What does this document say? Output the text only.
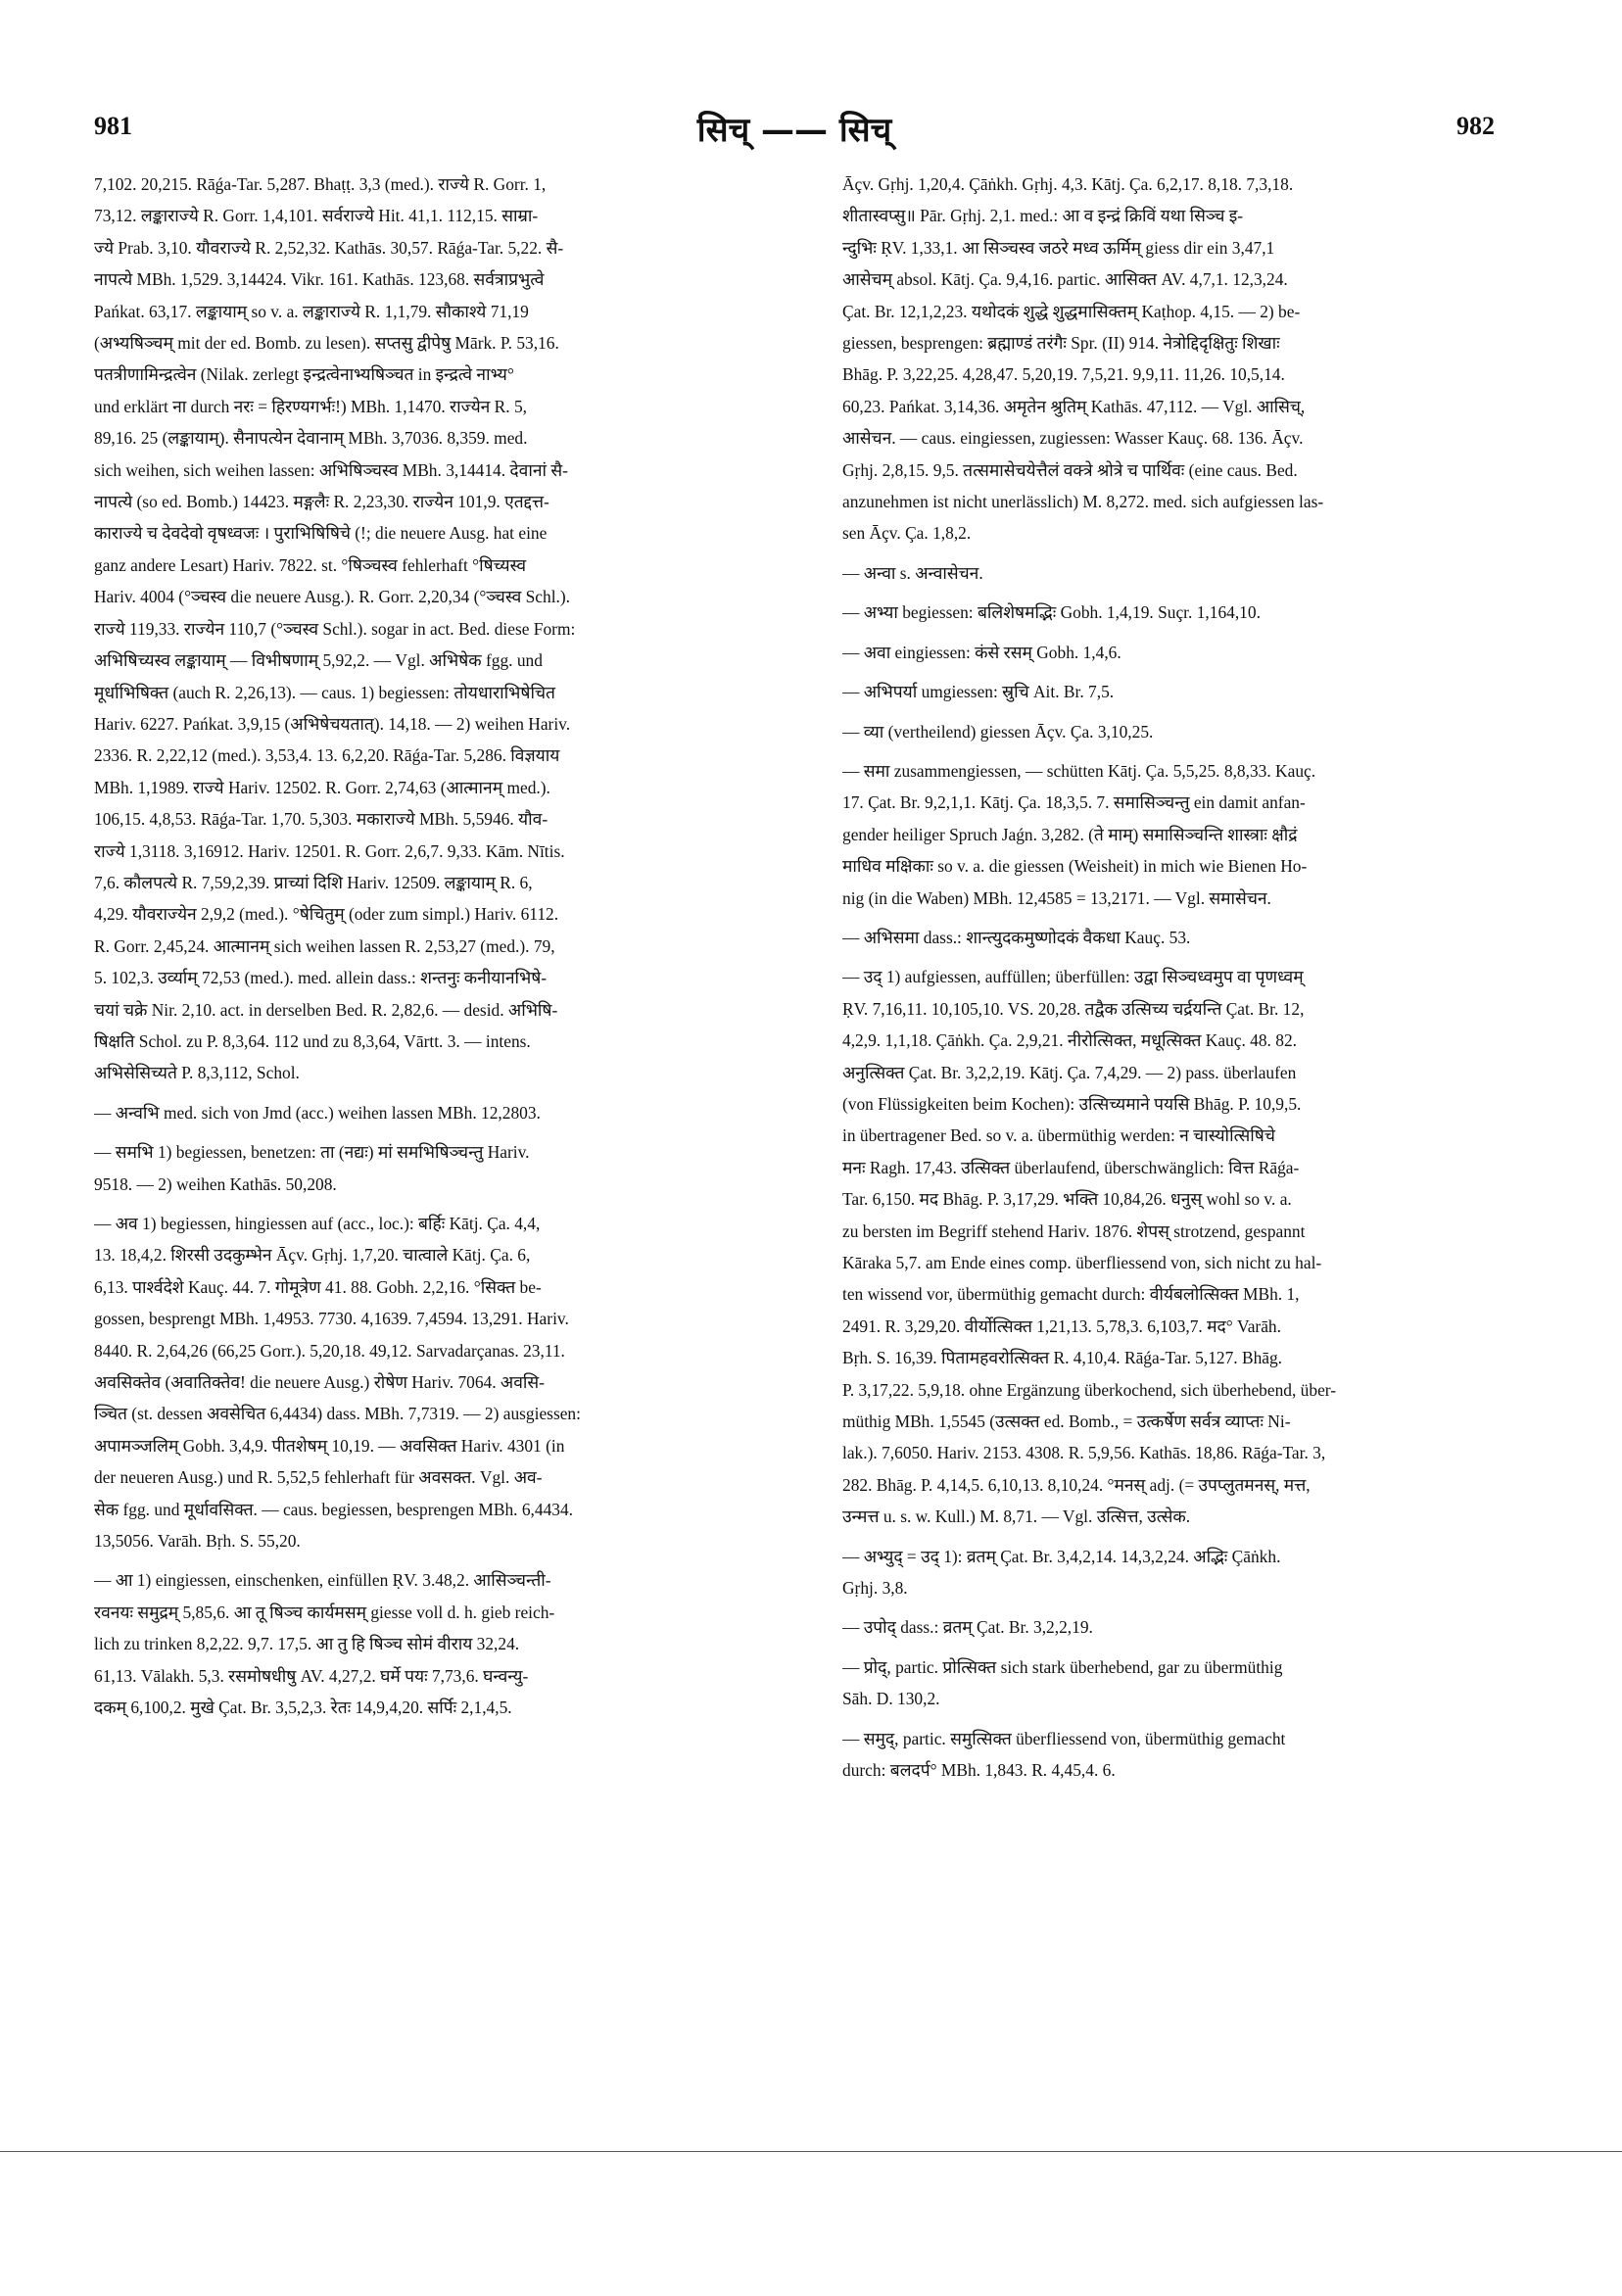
981	सिच् —— सिच्	982

7,102. 20,215. Rāǵa-Tar. 5,287. Bhaṭṭ. 3,3 (med.). राज्ये R. Gorr. 1,
73,12. लङ्काराज्ये R. Gorr. 1,4,101. सर्वराज्ये Hit. 41,1. 112,15. साम्रा-
ज्ये Prab. 3,10. यौवराज्ये R. 2,52,32. Kathās. 30,57. Rāǵa-Tar. 5,22. सै-
नापत्ये MBh. 1,529. 3,14424. Vikr. 161. Kathās. 123,68. सर्वत्राप्रभुत्वे
Pańkat. 63,17. लङ्कायाम् so v. a. लङ्काराज्ये R. 1,1,79. सौकाश्ये 71,19
(अभ्यषिञ्चम् mit der ed. Bomb. zu lesen). सप्तसु द्वीपेषु Mārk. P. 53,16.
पतत्रीणामिन्द्रत्वेन (Nilak. zerlegt इन्द्रत्वेनाभ्यषिञ्चत in इन्द्रत्वे नाभ्य°
und erklärt ना durch नरः = हिरण्यगर्भः!) MBh. 1,1470. राज्येन R. 5,
89,16. 25 (लङ्कायाम्). सैनापत्येन देवानाम् MBh. 3,7036. 8,359. med.
sich weihen, sich weihen lassen: अभिषिञ्चस्व MBh. 3,14414. देवानां सै-
नापत्ये (so ed. Bomb.) 14423. मङ्गलैः R. 2,23,30. राज्येन 101,9. एतद्दत्त-
काराज्ये च देवदेवो वृषध्वजः । पुराभिषिषिचे (!; die neuere Ausg. hat eine
ganz andere Lesart) Hariv. 7822. st. °षिञ्चस्व fehlerhaft °षिच्यस्व
Hariv. 4004 (°ञ्चस्व die neuere Ausg.). R. Gorr. 2,20,34 (°ञ्चस्व Schl.).
राज्ये 119,33. राज्येन 110,7 (°ञ्चस्व Schl.). sogar in act. Bed. diese Form:
अभिषिच्यस्व लङ्कायाम् — विभीषणाम् 5,92,2. — Vgl. अभिषेक fgg. und
मूर्धाभिषिक्त (auch R. 2,26,13). — caus. 1) begiessen: तोयधाराभिषेचित
Hariv. 6227. Pańkat. 3,9,15 (अभिषेचयतात्). 14,18. — 2) weihen Hariv.
2336. R. 2,22,12 (med.). 3,53,4. 13. 6,2,20. Rāǵa-Tar. 5,286. विज्ञयाय
MBh. 1,1989. राज्ये Hariv. 12502. R. Gorr. 2,74,63 (आत्मानम् med.).
106,15. 4,8,53. Rāǵa-Tar. 1,70. 5,303. मकाराज्ये MBh. 5,5946. यौव-
राज्ये 1,3118. 3,16912. Hariv. 12501. R. Gorr. 2,6,7. 9,33. Kām. Nītis.
7,6. कौलपत्ये R. 7,59,2,39. प्राच्यां दिशि Hariv. 12509. लङ्कायाम् R. 6,
4,29. यौवराज्येन 2,9,2 (med.). °षेचितुम् (oder zum simpl.) Hariv. 6112.
R. Gorr. 2,45,24. आत्मानम् sich weihen lassen R. 2,53,27 (med.). 79,
5. 102,3. उर्व्याम् 72,53 (med.). med. allein dass.: शन्तनुः कनीयानभिषे-
चयां चक्रे Nir. 2,10. act. in derselben Bed. R. 2,82,6. — desid. अभिषि-
षिक्षति Schol. zu P. 8,3,64. 112 und zu 8,3,64, Vārtt. 3. — intens.
अभिसेसिच्यते P. 8,3,112, Schol.

— अन्वभि med. sich von Jmd (acc.) weihen lassen MBh. 12,2803.

— समभि 1) begiessen, benetzen: ता (नद्यः) मां समभिषिञ्चन्तु Hariv.
9518. — 2) weihen Kathās. 50,208.

— अव 1) begiessen, hingiessen auf (acc., loc.): बर्हिः Kātj. Ça. 4,4,
13. 18,4,2. शिरसी उदकुम्भेन Āçv. Gṛhj. 1,7,20. चात्वाले Kātj. Ça. 6,
6,13. पार्श्वदेशे Kauç. 44. 7. गोमूत्रेण 41. 88. Gobh. 2,2,16. °सिक्त be-
gossen, besprengt MBh. 1,4953. 7730. 4,1639. 7,4594. 13,291. Hariv.
8440. R. 2,64,26 (66,25 Gorr.). 5,20,18. 49,12. Sarvadarçanas. 23,11.
अवसिक्तेव (अवातिक्तेव! die neuere Ausg.) रोषेण Hariv. 7064. अवसि-
ञ्चित (st. dessen अवसेचित 6,4434) dass. MBh. 7,7319. — 2) ausgiessen:
अपामञ्जलिम् Gobh. 3,4,9. पीतशेषम् 10,19. — अवसिक्त Hariv. 4301 (in
der neueren Ausg.) und R. 5,52,5 fehlerhaft für अवसक्त. Vgl. अव-
सेक fgg. und मूर्धावसिक्त. — caus. begiessen, besprengen MBh. 6,4434.
13,5056. Varāh. Bṛh. S. 55,20.

— आ 1) eingiessen, einschenken, einfüllen ṚV. 3.48,2. आसिञ्चन्ती-
रवनयः समुद्रम् 5,85,6. आ तू षिञ्च कार्यमसम् giesse voll d. h. gieb reich-
lich zu trinken 8,2,22. 9,7. 17,5. आ तु हि षिञ्च सोमं वीराय 32,24.
61,13. Vālakh. 5,3. रसमोषधीषु AV. 4,27,2. घर्मे पयः 7,73,6. घन्वन्यु-
दकम् 6,100,2. मुखे Çat. Br. 3,5,2,3. रेतः 14,9,4,20. सर्पिः 2,1,4,5.

Āçv. Gṛhj. 1,20,4. Çāṅkh. Gṛhj. 4,3. Kātj. Ça. 6,2,17. 8,18. 7,3,18.
शीतास्वप्सु॥ Pār. Gṛhj. 2,1. med.: आ व इन्द्रं क्रिविं यथा सिञ्च इ-
न्दुभिः ṚV. 1,33,1. आ सिञ्चस्व जठरे मध्व ऊर्मिम् giess dir ein 3,47,1
आसेचम् absol. Kātj. Ça. 9,4,16. partic. आसिक्त AV. 4,7,1. 12,3,24.
Çat. Br. 12,1,2,23. यथोदकं शुद्धे शुद्धमासिक्तम् Kaṭhop. 4,15. — 2) be-
giessen, besprengen: ब्रह्माण्डं तरंगैः Spr. (II) 914. नेत्रोद्दिदृक्षितुः शिखाः
Bhāg. P. 3,22,25. 4,28,47. 5,20,19. 7,5,21. 9,9,11. 11,26. 10,5,14.
60,23. Pańkat. 3,14,36. अमृतेन श्रुतिम् Kathās. 47,112. — Vgl. आसिच्,
आसेचन. — caus. eingiessen, zugiessen: Wasser Kauç. 68. 136. Āçv.
Gṛhj. 2,8,15. 9,5. तत्समासेचयेत्तैलं वक्त्रे श्रोत्रे च पार्थिवः (eine caus. Bed.
anzunehmen ist nicht unerlässlich) M. 8,272. med. sich aufgiessen las-
sen Āçv. Ça. 1,8,2.

— अन्वा s. अन्वासेचन.

— अभ्या begiessen: बलिशेषमद्भिः Gobh. 1,4,19. Suçr. 1,164,10.

— अवा eingiessen: कंसे रसम् Gobh. 1,4,6.

— अभिपर्या umgiessen: स्रुचि Ait. Br. 7,5.

— व्या (vertheilend) giessen Āçv. Ça. 3,10,25.

— समा zusammengiessen, — schütten Kātj. Ça. 5,5,25. 8,8,33. Kauç.
17. Çat. Br. 9,2,1,1. Kātj. Ça. 18,3,5. 7. समासिञ्चन्तु ein damit anfan-
gender heiliger Spruch Jaǵn. 3,282. (ते माम्) समासिञ्चन्ति शास्त्राः क्षौद्रं
माधिव मक्षिकाः so v. a. die giessen (Weisheit) in mich wie Bienen Ho-
nig (in die Waben) MBh. 12,4585 = 13,2171. — Vgl. समासेचन.

— अभिसमा dass.: शान्त्युदकमुष्णोदकं वैकधा Kauç. 53.

— उद् 1) aufgiessen, auffüllen; überfüllen: उद्वा सिञ्चध्वमुप वा पृणध्वम्
ṚV. 7,16,11. 10,105,10. VS. 20,28. तद्वैक उत्सिच्य चर्द्रयन्ति Çat. Br. 12,
4,2,9. 1,1,18. Çāṅkh. Ça. 2,9,21. नीरोत्सिक्त, मधूत्सिक्त Kauç. 48. 82.
अनुत्सिक्त Çat. Br. 3,2,2,19. Kātj. Ça. 7,4,29. — 2) pass. überlaufen
(von Flüssigkeiten beim Kochen): उत्सिच्यमाने पयसि Bhāg. P. 10,9,5.
in übertragener Bed. so v. a. übermüthig werden: न चास्योत्सिषिचे
मनः Ragh. 17,43. उत्सिक्त überlaufend, überschwänglich: वित्त Rāǵa-
Tar. 6,150. मद Bhāg. P. 3,17,29. भक्ति 10,84,26. धनुस् wohl so v. a.
zu bersten im Begriff stehend Hariv. 1876. शेपस् strotzend, gespannt
Kāraka 5,7. am Ende eines comp. überfliessend von, sich nicht zu hal-
ten wissend vor, übermüthig gemacht durch: वीर्यबलोत्सिक्त MBh. 1,
2491. R. 3,29,20. वीर्योत्सिक्त 1,21,13. 5,78,3. 6,103,7. मद° Varāh.
Bṛh. S. 16,39. पितामहवरोत्सिक्त R. 4,10,4. Rāǵa-Tar. 5,127. Bhāg.
P. 3,17,22. 5,9,18. ohne Ergänzung überkochend, sich überhebend, über-
müthig MBh. 1,5545 (उत्सक्त ed. Bomb., = उत्कर्षेण सर्वत्र व्याप्तः Ni-
lak.). 7,6050. Hariv. 2153. 4308. R. 5,9,56. Kathās. 18,86. Rāǵa-Tar. 3,
282. Bhāg. P. 4,14,5. 6,10,13. 8,10,24. °मनस् adj. (= उपप्लुतमनस्, मत्त,
उन्मत्त u. s. w. Kull.) M. 8,71. — Vgl. उत्सित्त, उत्सेक.

— अभ्युद् = उद् 1): व्रतम् Çat. Br. 3,4,2,14. 14,3,2,24. अद्भिः Çāṅkh.
Gṛhj. 3,8.

— उपोद् dass.: व्रतम् Çat. Br. 3,2,2,19.

— प्रोद्, partic. प्रोत्सिक्त sich stark überhebend, gar zu übermüthig
Sāh. D. 130,2.

— समुद्, partic. समुत्सिक्त überfliessend von, übermüthig gemacht
durch: बलदर्प° MBh. 1,843. R. 4,45,4. 6.
